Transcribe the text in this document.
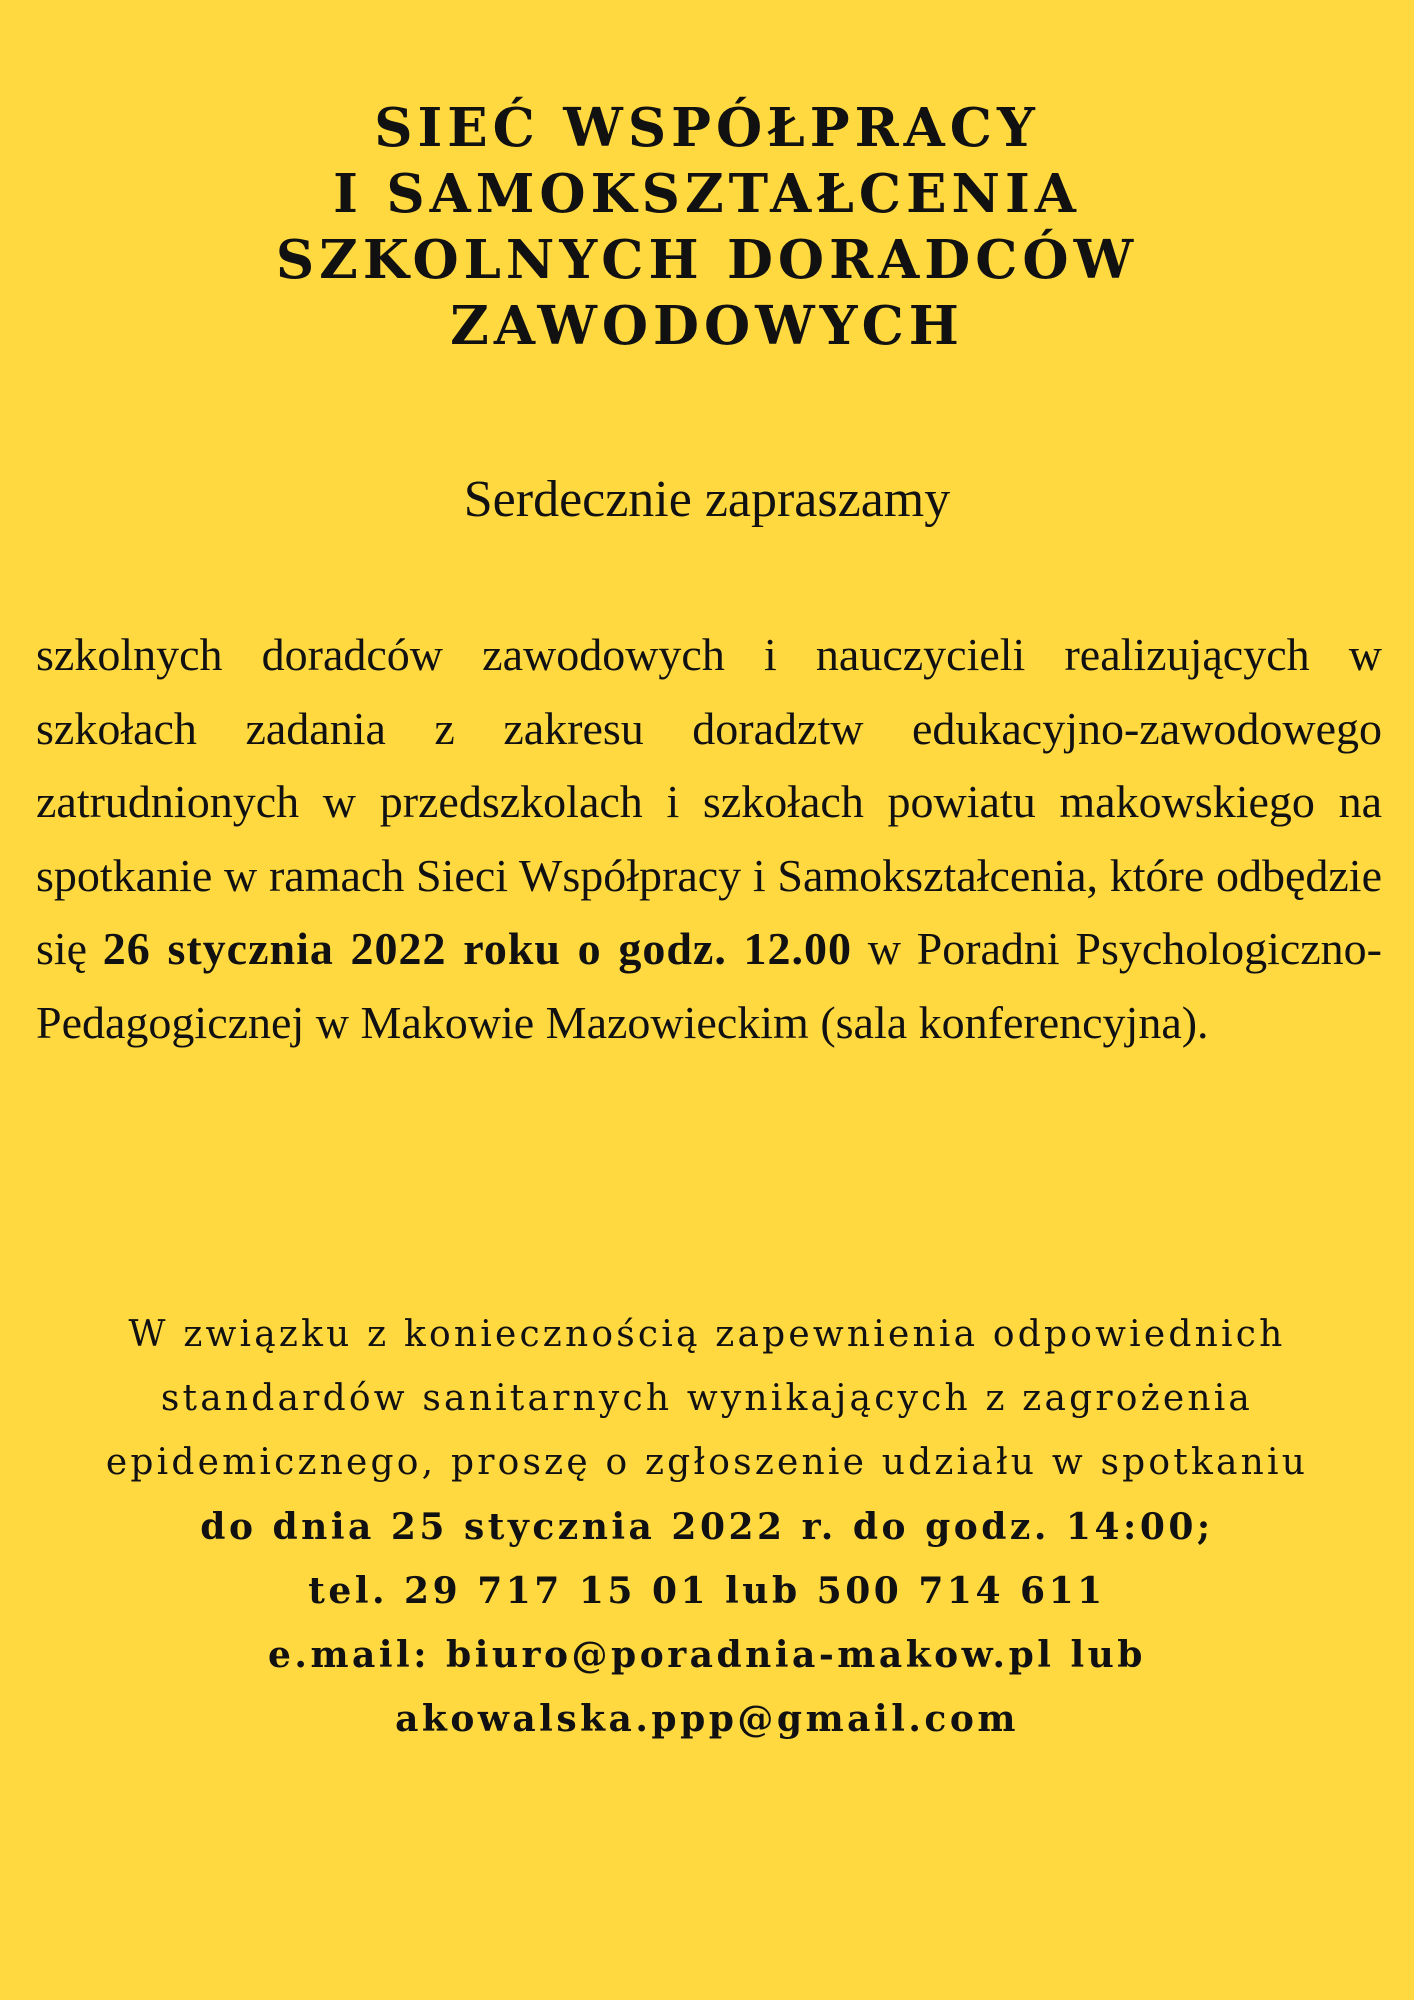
SIEĆ WSPÓŁPRACY
I SAMOKSZTAŁCENIA
SZKOLNYCH DORADCÓW
ZAWODOWYCH

Serdecznie zapraszamy

szkolnych doradców zawodowych i nauczycieli realizujących w szkołach zadania z zakresu doradztw edukacyjno-zawodowego zatrudnionych w przedszkolach i szkołach powiatu makowskiego na spotkanie w ramach Sieci Współpracy i Samokształcenia, które odbędzie się 26 stycznia 2022 roku o godz. 12.00 w Poradni Psychologiczno-Pedagogicznej w Makowie Mazowieckim (sala konferencyjna).

W związku z koniecznością zapewnienia odpowiednich standardów sanitarnych wynikających z zagrożenia epidemicznego, proszę o zgłoszenie udziału w spotkaniu
do dnia 25 stycznia 2022 r. do godz. 14:00;
tel. 29 717 15 01 lub 500 714 611
e.mail: biuro@poradnia-makow.pl lub
akowalska.ppp@gmail.com
